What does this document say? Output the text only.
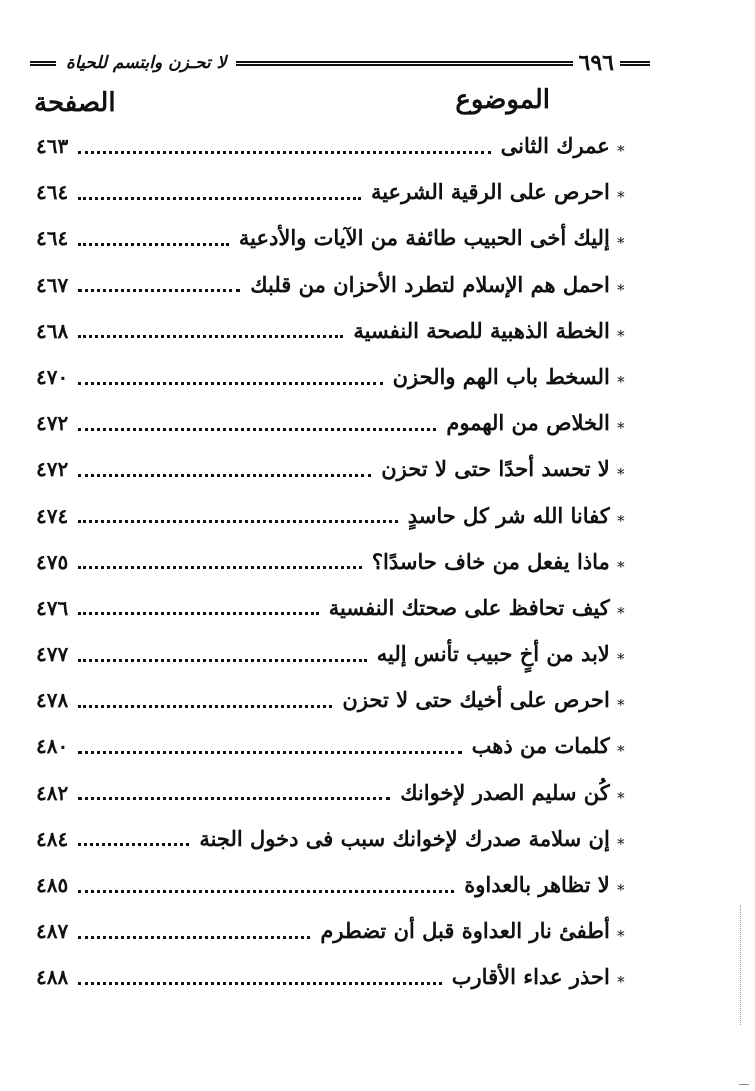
٦٩٦
لا تحـزن وابتسم للحياة
الموضوع
الصفحة
∗
عمرك الثانى
٤٦٣
∗
احرص على الرقية الشرعية
٤٦٤
∗
إليك أخى الحبيب طائفة من الآيات والأدعية
٤٦٤
∗
احمل هم الإسلام لتطرد الأحزان من قلبك
٤٦٧
∗
الخطة الذهبية للصحة النفسية
٤٦٨
∗
السخط باب الهم والحزن
٤٧٠
∗
الخلاص من الهموم
٤٧٢
∗
لا تحسد أحدًا حتى لا تحزن
٤٧٢
∗
كفانا الله شر كل حاسدٍ
٤٧٤
∗
ماذا يفعل من خاف حاسدًا؟
٤٧٥
∗
كيف تحافظ على صحتك النفسية
٤٧٦
∗
لابد من أخٍ حبيب تأنس إليه
٤٧٧
∗
احرص على أخيك حتى لا تحزن
٤٧٨
∗
كلمات من ذهب
٤٨٠
∗
كُن سليم الصدر لإخوانك
٤٨٢
∗
إن سلامة صدرك لإخوانك سبب فى دخول الجنة
٤٨٤
∗
لا تظاهر بالعداوة
٤٨٥
∗
أطفئ نار العداوة قبل أن تضطرم
٤٨٧
∗
احذر عداء الأقارب
٤٨٨
